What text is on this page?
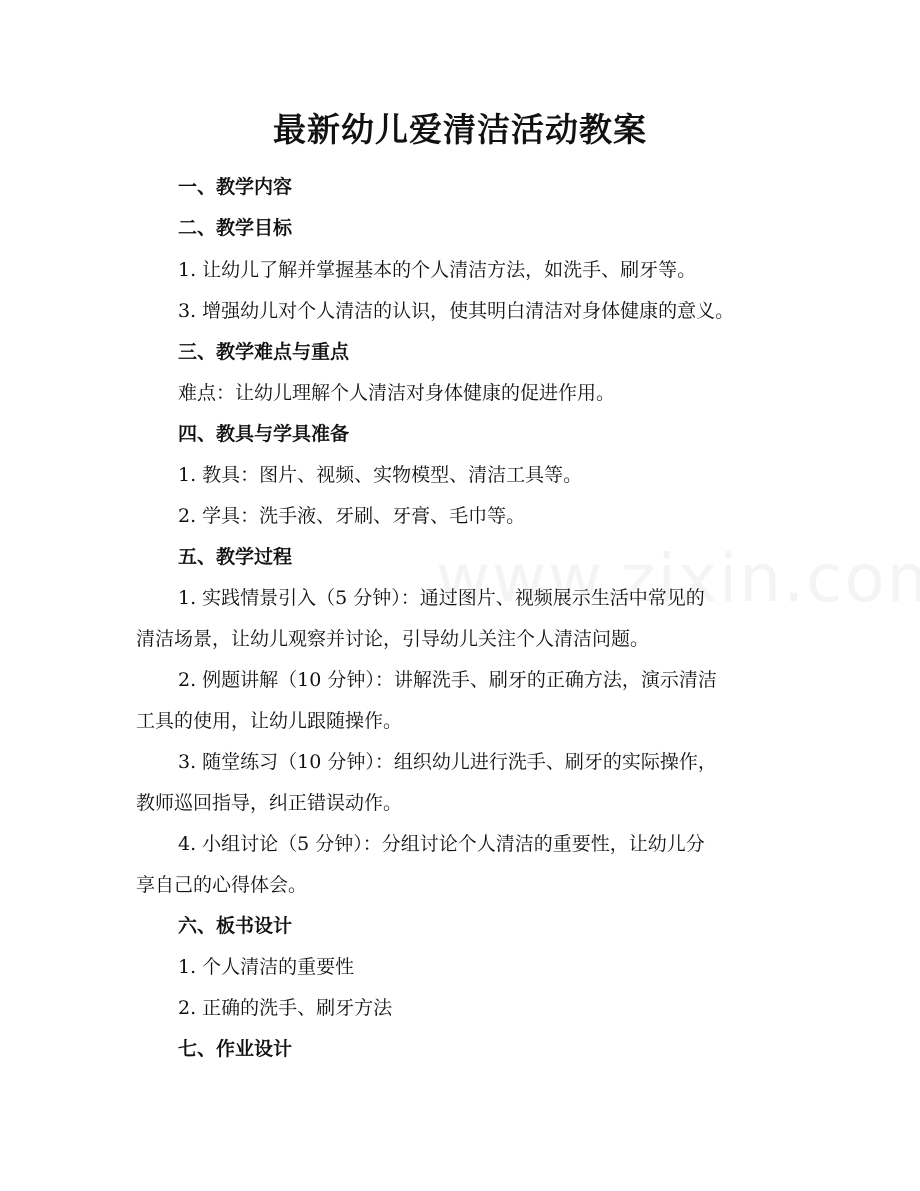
最新幼儿爱清洁活动教案
一、教学内容
二、教学目标
1. 让幼儿了解并掌握基本的个人清洁方法，如洗手、刷牙等。
3. 增强幼儿对个人清洁的认识，使其明白清洁对身体健康的意义。
三、教学难点与重点
难点：让幼儿理解个人清洁对身体健康的促进作用。
四、教具与学具准备
1. 教具：图片、视频、实物模型、清洁工具等。
2. 学具：洗手液、牙刷、牙膏、毛巾等。
五、教学过程
1. 实践情景引入（5 分钟）：通过图片、视频展示生活中常见的
清洁场景，让幼儿观察并讨论，引导幼儿关注个人清洁问题。
2. 例题讲解（10 分钟）：讲解洗手、刷牙的正确方法，演示清洁
工具的使用，让幼儿跟随操作。
3. 随堂练习（10 分钟）：组织幼儿进行洗手、刷牙的实际操作，
教师巡回指导，纠正错误动作。
4. 小组讨论（5 分钟）：分组讨论个人清洁的重要性，让幼儿分
享自己的心得体会。
六、板书设计
1. 个人清洁的重要性
2. 正确的洗手、刷牙方法
七、作业设计
